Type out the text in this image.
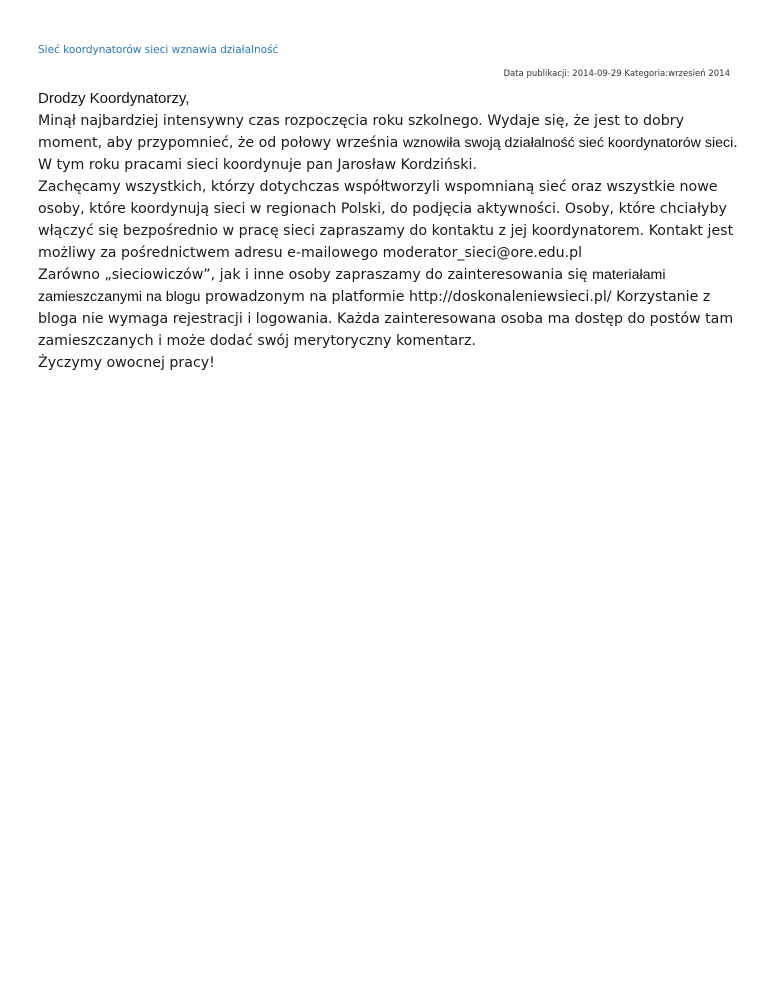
Sieć koordynatorów sieci wznawia działalność
Data publikacji: 2014-09-29 Kategoria:wrzesień 2014

Drodzy Koordynatorzy,

Minął najbardziej intensywny czas rozpoczęcia roku szkolnego. Wydaje się, że jest to dobry moment, aby przypomnieć, że od połowy września wznowiła swoją działalność sieć koordynatorów sieci. W tym roku pracami sieci koordynuje pan Jarosław Kordziński.

Zachęcamy wszystkich, którzy dotychczas współtworzyli wspomnianą sieć oraz wszystkie nowe osoby, które koordynują sieci w regionach Polski, do podjęcia aktywności. Osoby, które chciałyby włączyć się bezpośrednio w pracę sieci zapraszamy do kontaktu z jej koordynatorem. Kontakt jest możliwy za pośrednictwem adresu e-mailowego moderator_sieci@ore.edu.pl

Zarówno „sieciowiczów”, jak i inne osoby zapraszamy do zainteresowania się materiałami zamieszczanymi na blogu prowadzonym na platformie http://doskonaleniewsieci.pl/ Korzystanie z bloga nie wymaga rejestracji i logowania. Każda zainteresowana osoba ma dostęp do postów tam zamieszczanych i może dodać swój merytoryczny komentarz.

Życzymy owocnej pracy!
